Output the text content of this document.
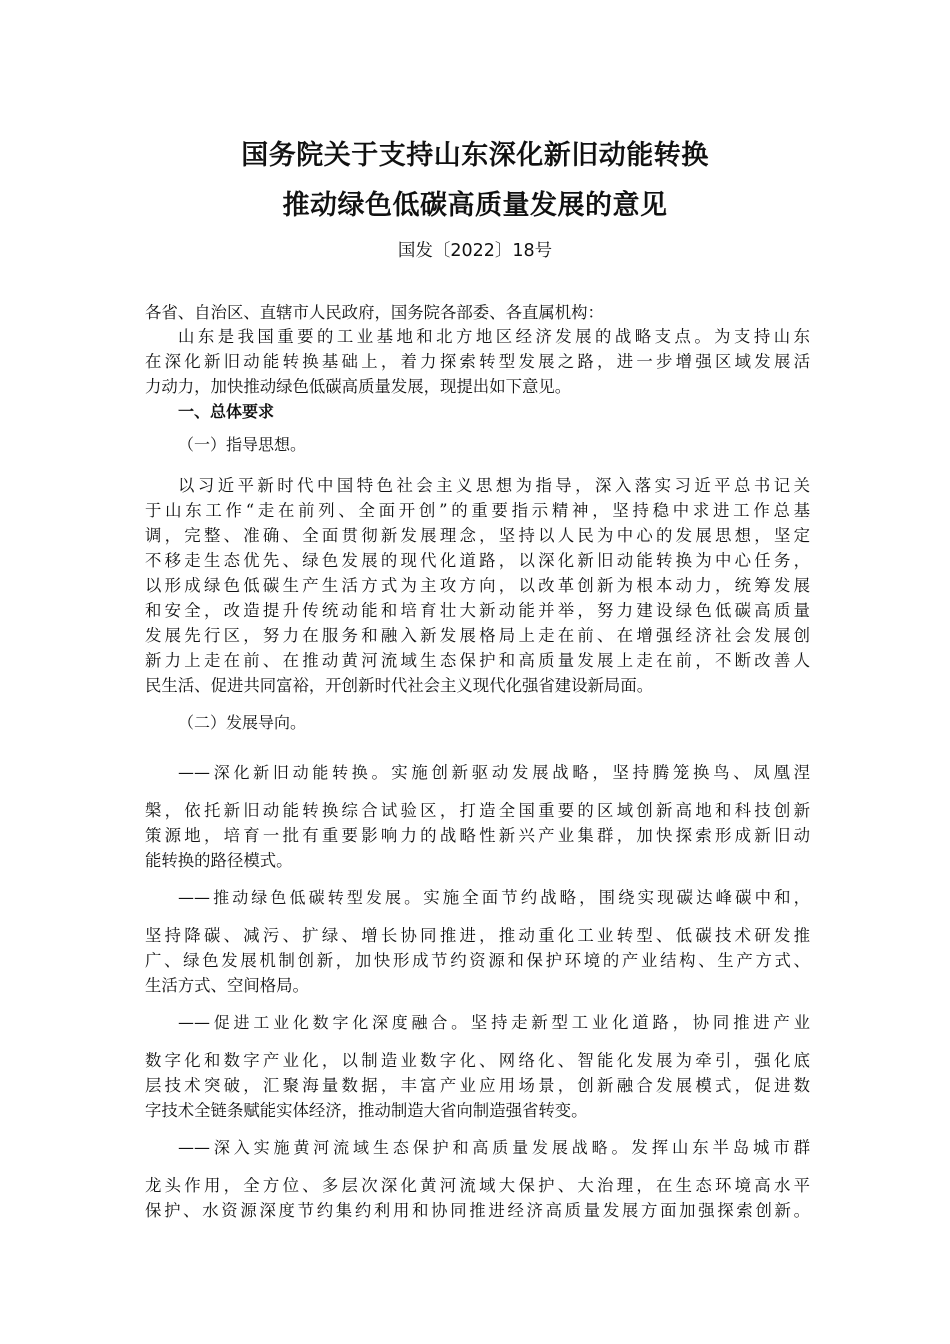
国务院关于支持山东深化新旧动能转换
推动绿色低碳高质量发展的意见
国发〔2022〕18号
各省、自治区、直辖市人民政府，国务院各部委、各直属机构：
山东是我国重要的工业基地和北方地区经济发展的战略支点。为支持山东
在深化新旧动能转换基础上，着力探索转型发展之路，进一步增强区域发展活
力动力，加快推动绿色低碳高质量发展，现提出如下意见。
一、总体要求
（一）指导思想。
以习近平新时代中国特色社会主义思想为指导，深入落实习近平总书记关
于山东工作“走在前列、全面开创”的重要指示精神，坚持稳中求进工作总基
调，完整、准确、全面贯彻新发展理念，坚持以人民为中心的发展思想，坚定
不移走生态优先、绿色发展的现代化道路，以深化新旧动能转换为中心任务，
以形成绿色低碳生产生活方式为主攻方向，以改革创新为根本动力，统筹发展
和安全，改造提升传统动能和培育壮大新动能并举，努力建设绿色低碳高质量
发展先行区，努力在服务和融入新发展格局上走在前、在增强经济社会发展创
新力上走在前、在推动黄河流域生态保护和高质量发展上走在前，不断改善人
民生活、促进共同富裕，开创新时代社会主义现代化强省建设新局面。
（二）发展导向。
——深化新旧动能转换。实施创新驱动发展战略，坚持腾笼换鸟、凤凰涅
槃，依托新旧动能转换综合试验区，打造全国重要的区域创新高地和科技创新
策源地，培育一批有重要影响力的战略性新兴产业集群，加快探索形成新旧动
能转换的路径模式。
——推动绿色低碳转型发展。实施全面节约战略，围绕实现碳达峰碳中和，
坚持降碳、减污、扩绿、增长协同推进，推动重化工业转型、低碳技术研发推
广、绿色发展机制创新，加快形成节约资源和保护环境的产业结构、生产方式、
生活方式、空间格局。
——促进工业化数字化深度融合。坚持走新型工业化道路，协同推进产业
数字化和数字产业化，以制造业数字化、网络化、智能化发展为牵引，强化底
层技术突破，汇聚海量数据，丰富产业应用场景，创新融合发展模式，促进数
字技术全链条赋能实体经济，推动制造大省向制造强省转变。
——深入实施黄河流域生态保护和高质量发展战略。发挥山东半岛城市群
龙头作用，全方位、多层次深化黄河流域大保护、大治理，在生态环境高水平
保护、水资源深度节约集约利用和协同推进经济高质量发展方面加强探索创新。
